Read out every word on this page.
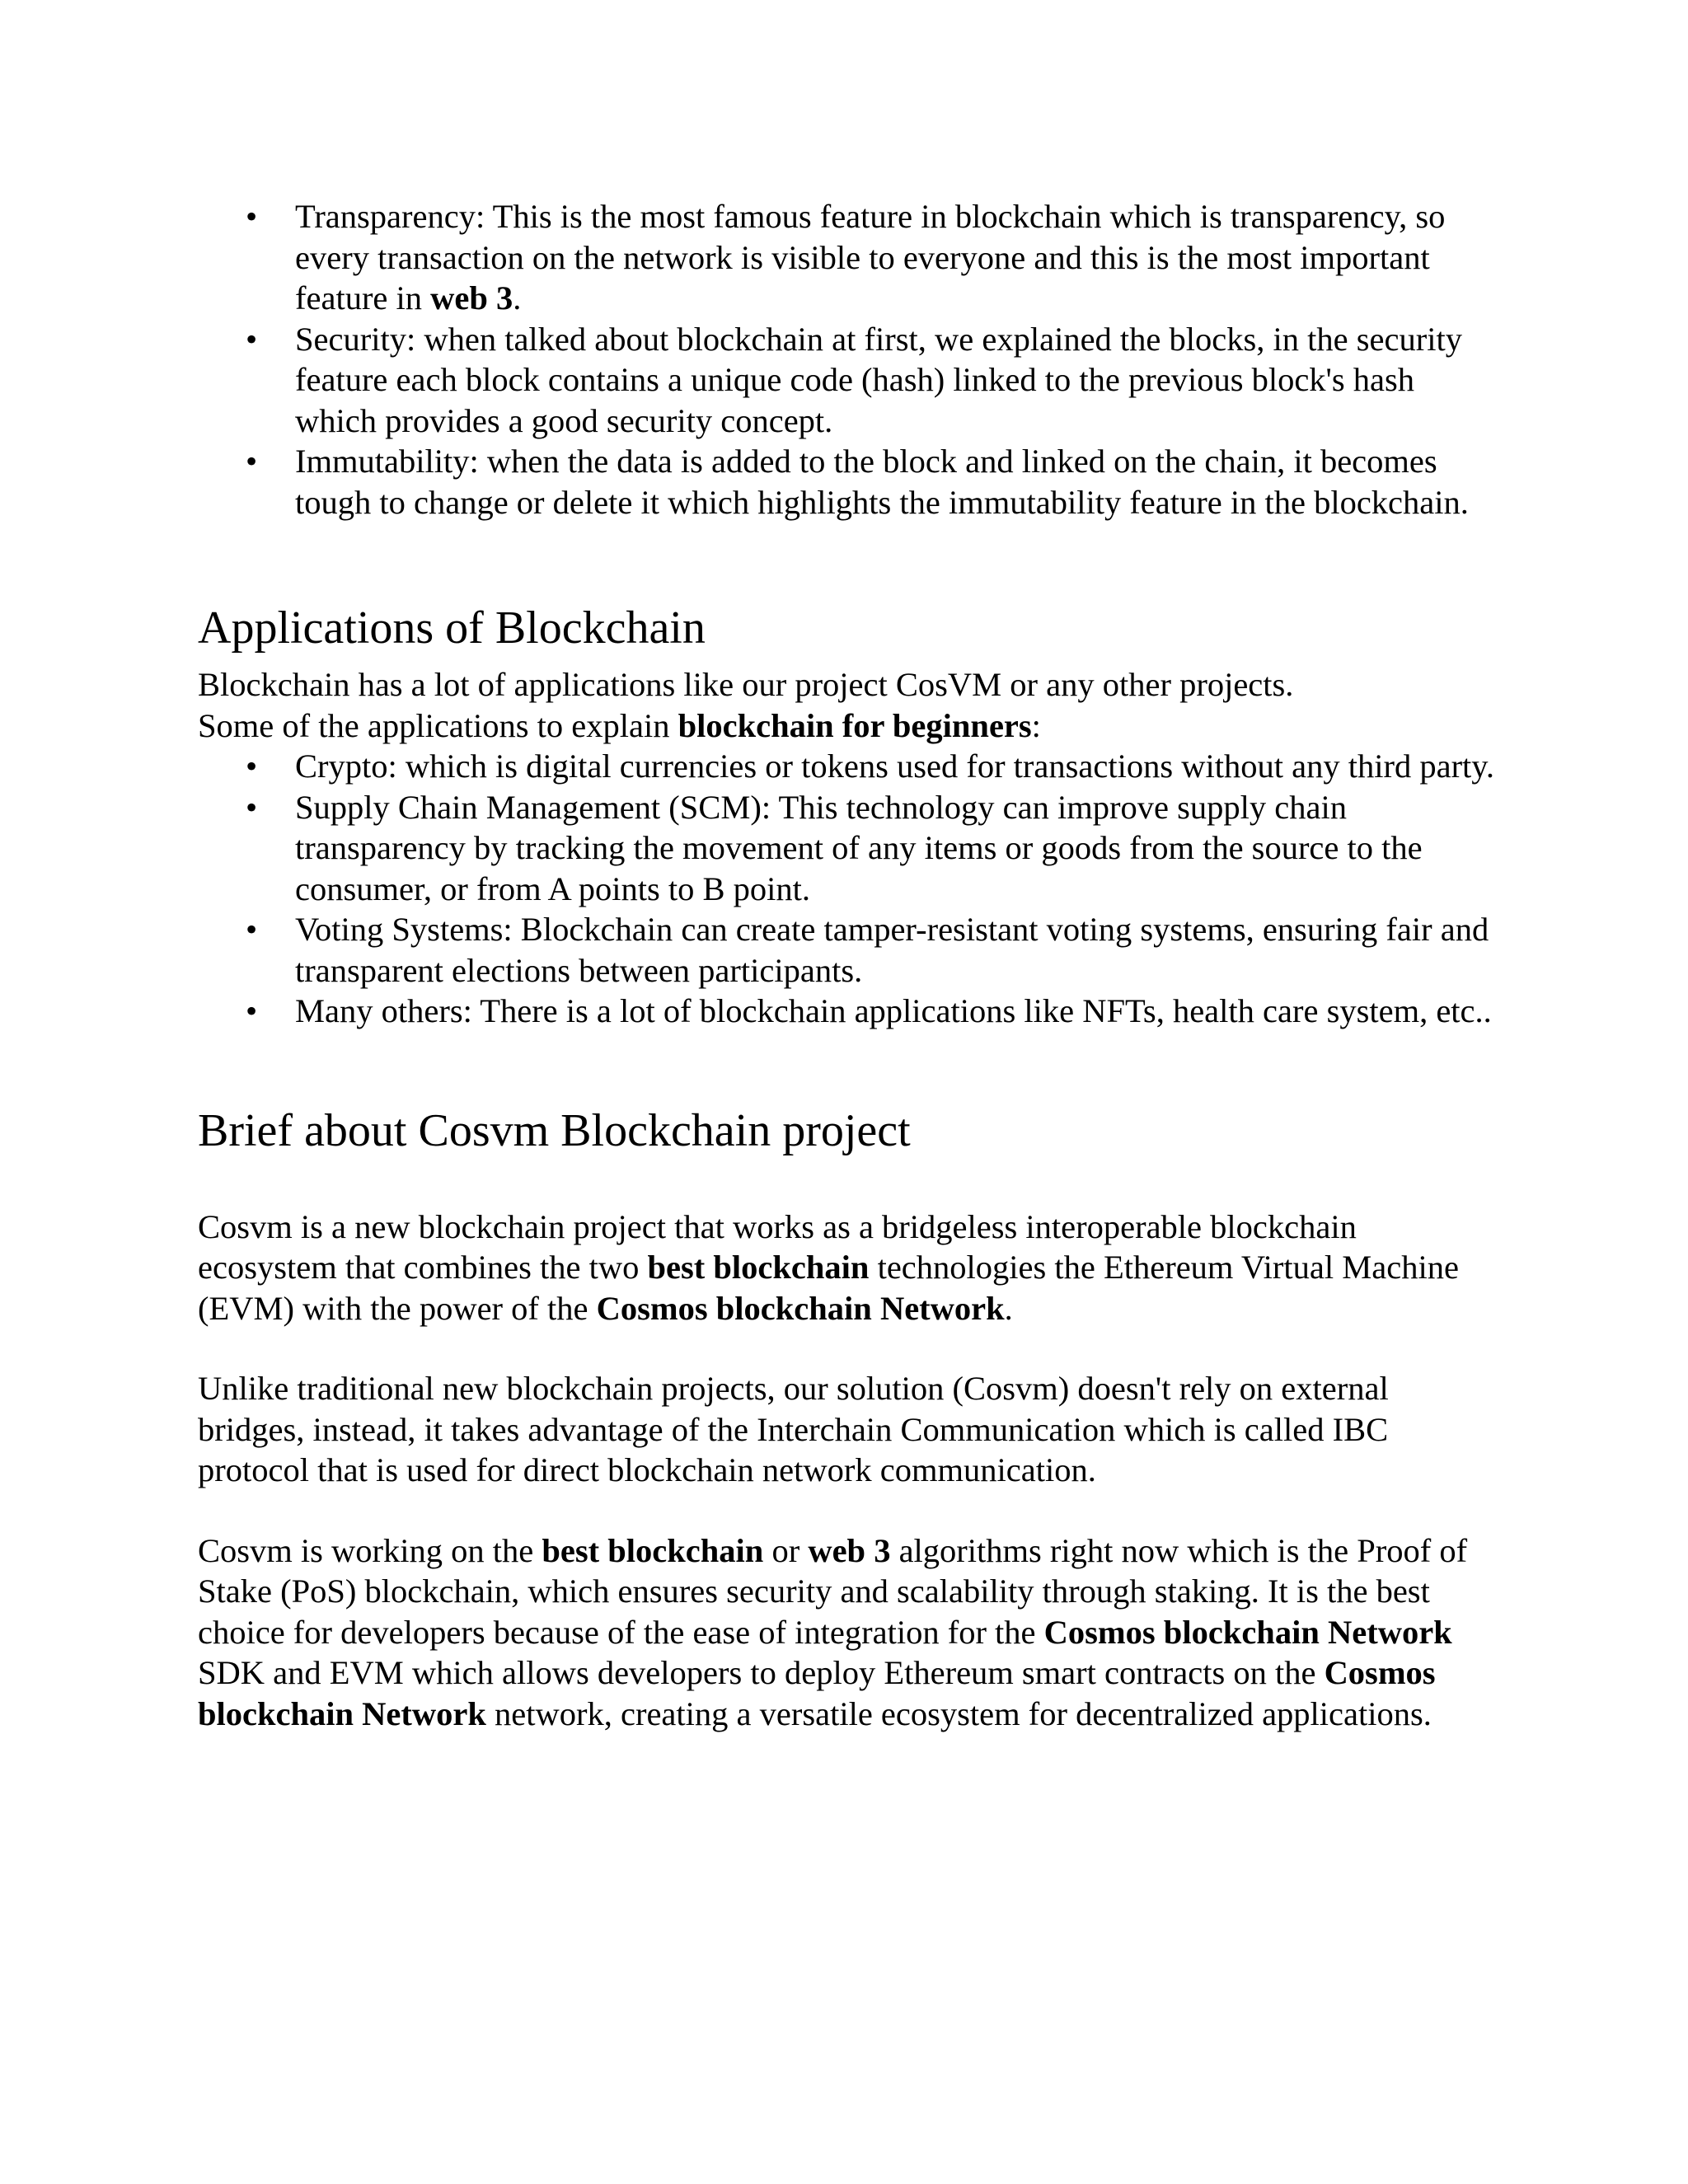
• Transparency: This is the most famous feature in blockchain which is transparency, so every transaction on the network is visible to everyone and this is the most important feature in web 3.
• Security: when talked about blockchain at first, we explained the blocks, in the security feature each block contains a unique code (hash) linked to the previous block's hash which provides a good security concept.
• Immutability: when the data is added to the block and linked on the chain, it becomes tough to change or delete it which highlights the immutability feature in the blockchain.
Applications of Blockchain

Blockchain has a lot of applications like our project CosVM or any other projects.
Some of the applications to explain blockchain for beginners:

• Crypto: which is digital currencies or tokens used for transactions without any third party.
• Supply Chain Management (SCM): This technology can improve supply chain transparency by tracking the movement of any items or goods from the source to the consumer, or from A points to B point.
• Voting Systems: Blockchain can create tamper-resistant voting systems, ensuring fair and transparent elections between participants.
• Many others: There is a lot of blockchain applications like NFTs, health care system, etc..
Brief about Cosvm Blockchain project

Cosvm is a new blockchain project that works as a bridgeless interoperable blockchain ecosystem that combines the two best blockchain technologies the Ethereum Virtual Machine (EVM) with the power of the Cosmos blockchain Network.

Unlike traditional new blockchain projects, our solution (Cosvm) doesn't rely on external bridges, instead, it takes advantage of the Interchain Communication which is called IBC protocol that is used for direct blockchain network communication.

Cosvm is working on the best blockchain or web 3 algorithms right now which is the Proof of Stake (PoS) blockchain, which ensures security and scalability through staking. It is the best choice for developers because of the ease of integration for the Cosmos blockchain Network SDK and EVM which allows developers to deploy Ethereum smart contracts on the Cosmos blockchain Network network, creating a versatile ecosystem for decentralized applications.
